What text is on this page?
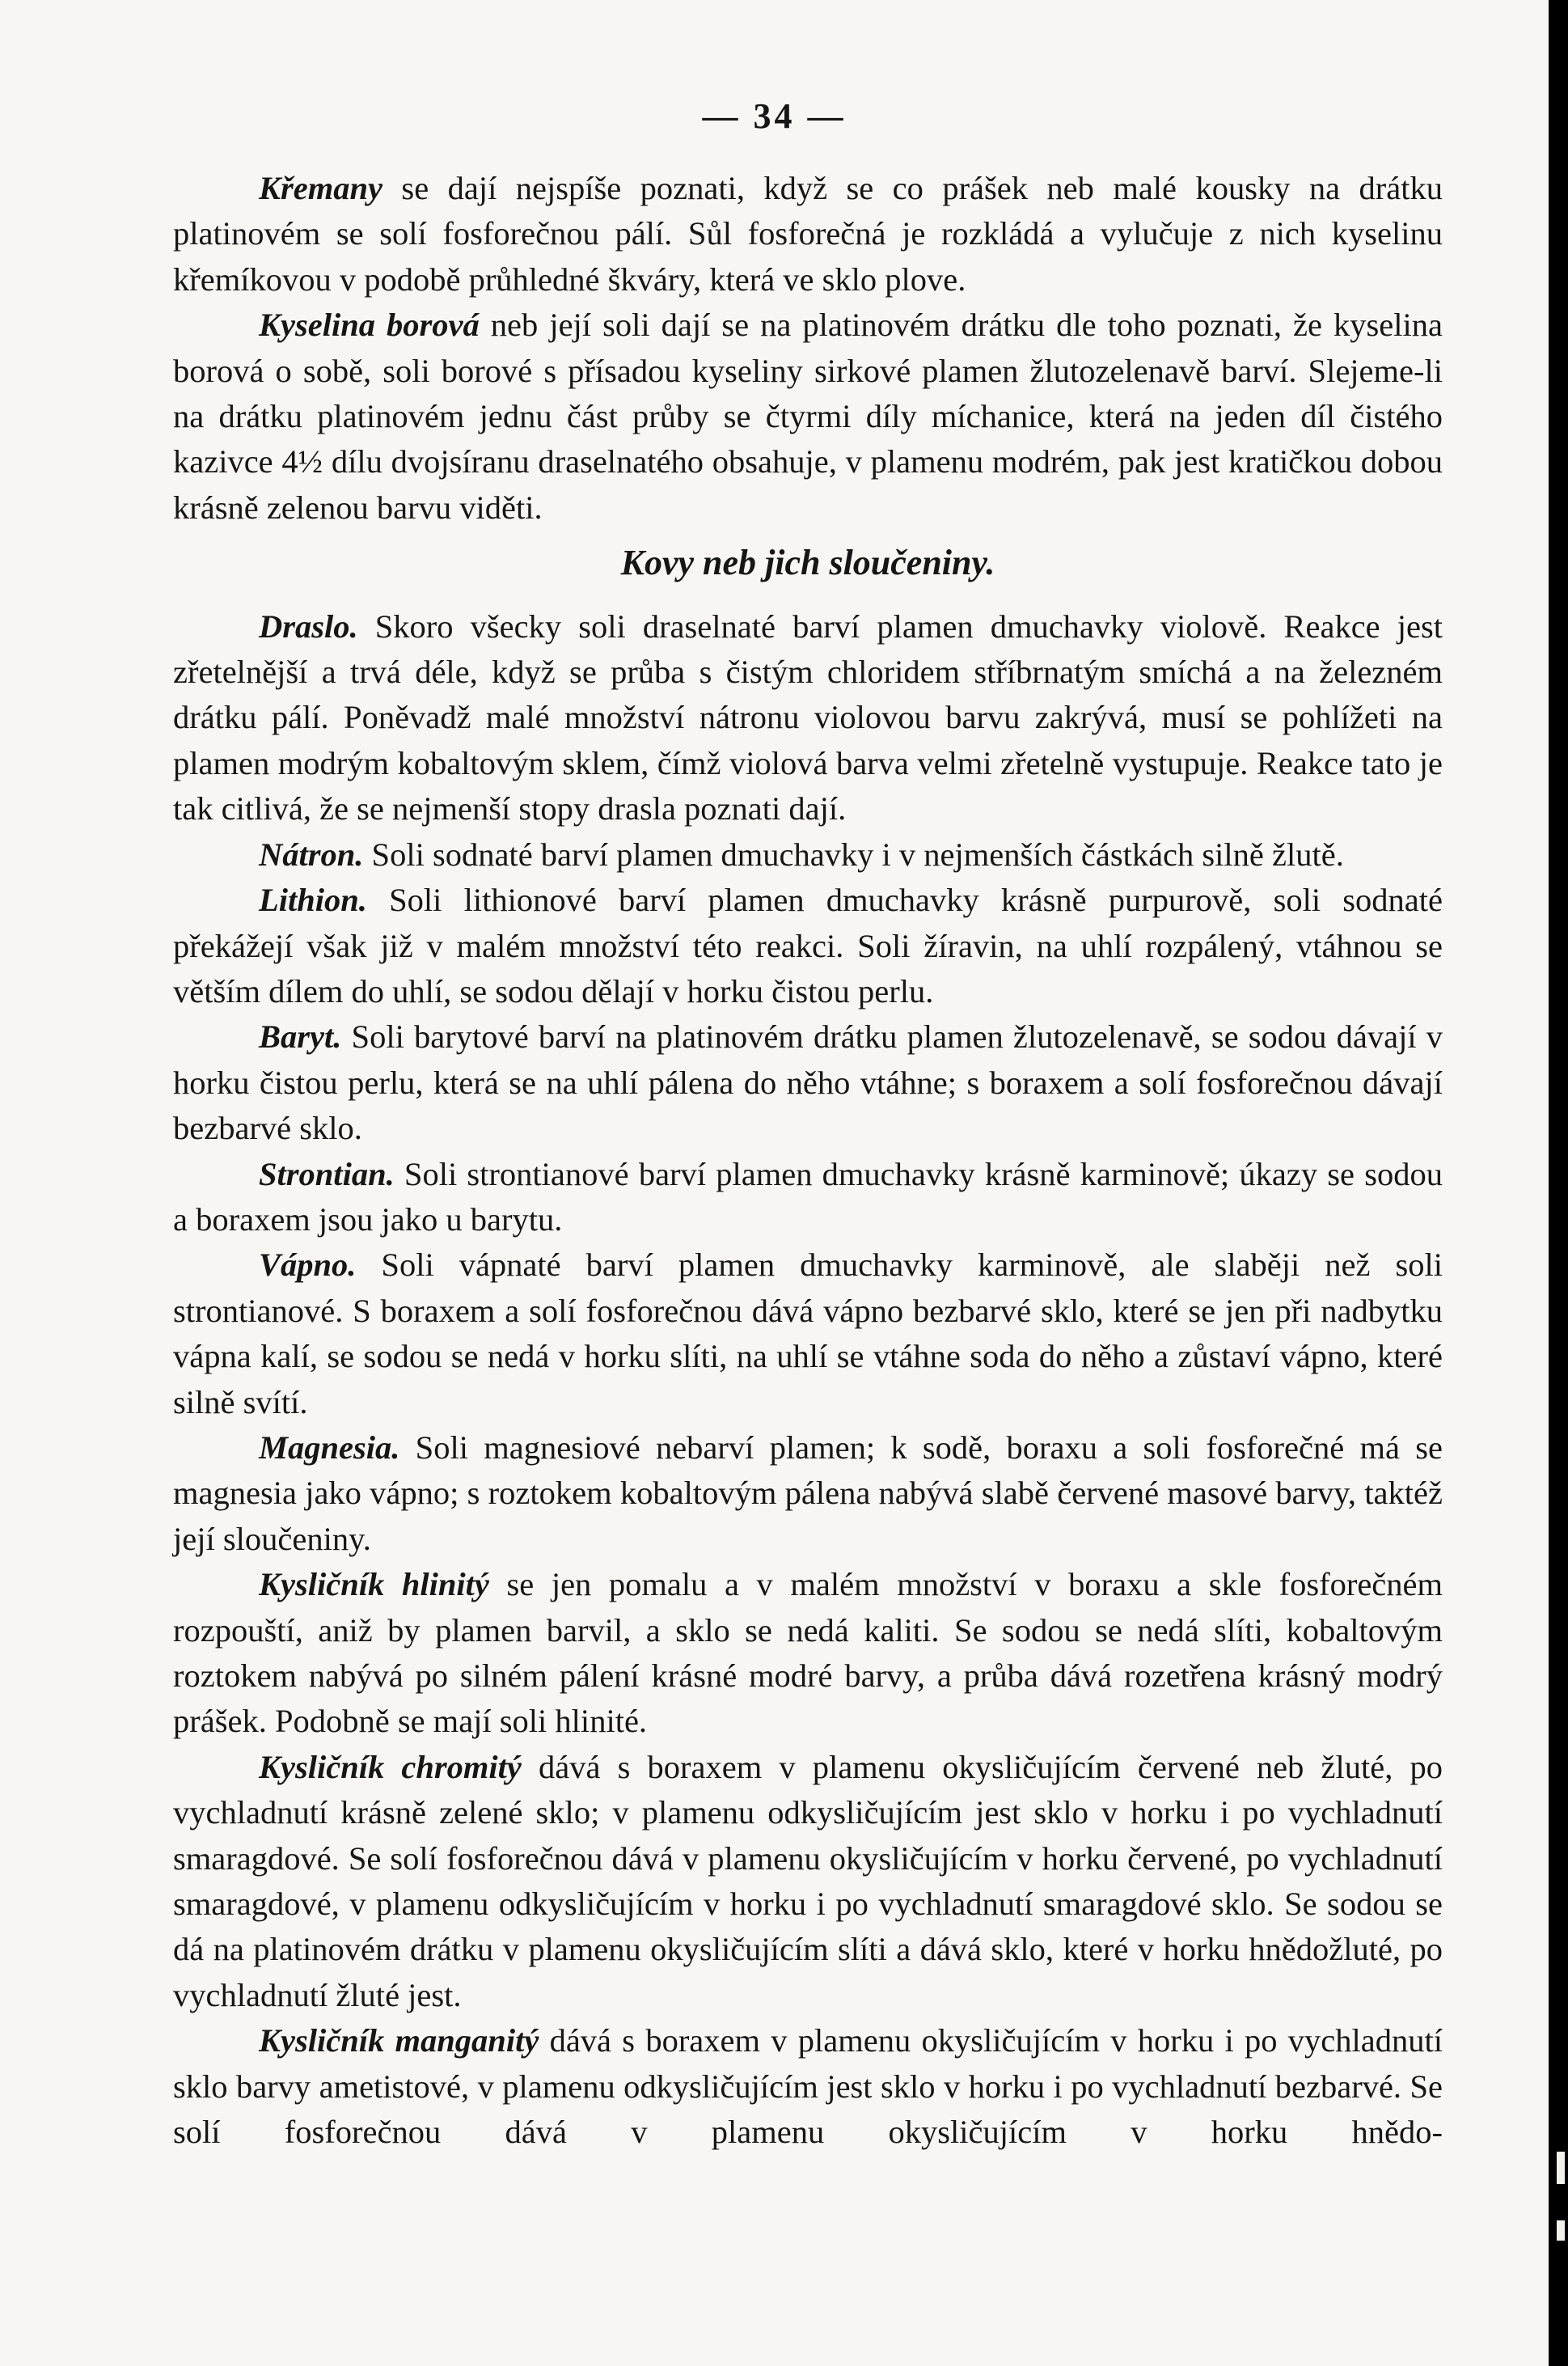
— 34 —

Křemany se dají nejspíše poznati, když se co prášek neb malé kousky na drátku platinovém se solí fosforečnou pálí. Sůl fosforečná je rozkládá a vylučuje z nich kyselinu křemíkovou v podobě průhledné škváry, která ve sklo plove.

Kyselina borová neb její soli dají se na platinovém drátku dle toho poznati, že kyselina borová o sobě, soli borové s přísadou kyseliny sirkové plamen žlutozelenavě barví. Slejeme-li na drátku platinovém jednu část průby se čtyrmi díly míchanice, která na jeden díl čistého kazivce 4½ dílu dvojsíranu draselnatého obsahuje, v plamenu modrém, pak jest kratičkou dobou krásně zelenou barvu viděti.

Kovy neb jich sloučeniny.

Draslo. Skoro všecky soli draselnaté barví plamen dmuchavky violově. Reakce jest zřetelnější a trvá déle, když se průba s čistým chloridem stříbrnatým smíchá a na železném drátku pálí. Poněvadž malé množství nátronu violovou barvu zakrývá, musí se pohlížeti na plamen modrým kobaltovým sklem, čímž violová barva velmi zřetelně vystupuje. Reakce tato je tak citlivá, že se nejmenší stopy drasla poznati dají.

Nátron. Soli sodnaté barví plamen dmuchavky i v nejmenších částkách silně žlutě.

Lithion. Soli lithionové barví plamen dmuchavky krásně purpurově, soli sodnaté překážejí však již v malém množství této reakci. Soli žíravin, na uhlí rozpálený, vtáhnou se větším dílem do uhlí, se sodou dělají v horku čistou perlu.

Baryt. Soli barytové barví na platinovém drátku plamen žlutozelenavě, se sodou dávají v horku čistou perlu, která se na uhlí pálena do něho vtáhne; s boraxem a solí fosforečnou dávají bezbarvé sklo.

Strontian. Soli strontianové barví plamen dmuchavky krásně karminově; úkazy se sodou a boraxem jsou jako u barytu.

Vápno. Soli vápnaté barví plamen dmuchavky karminově, ale slaběji než soli strontianové. S boraxem a solí fosforečnou dává vápno bezbarvé sklo, které se jen při nadbytku vápna kalí, se sodou se nedá v horku slíti, na uhlí se vtáhne soda do něho a zůstaví vápno, které silně svítí.

Magnesia. Soli magnesiové nebarví plamen; k sodě, boraxu a soli fosforečné má se magnesia jako vápno; s roztokem kobaltovým pálena nabývá slabě červené masové barvy, taktéž její sloučeniny.

Kysličník hlinitý se jen pomalu a v malém množství v boraxu a skle fosforečném rozpouští, aniž by plamen barvil, a sklo se nedá kaliti. Se sodou se nedá slíti, kobaltovým roztokem nabývá po silném pálení krásné modré barvy, a průba dává rozetřena krásný modrý prášek. Podobně se mají soli hlinité.

Kysličník chromitý dává s boraxem v plamenu okysličujícím červené neb žluté, po vychladnutí krásně zelené sklo; v plamenu odkysličujícím jest sklo v horku i po vychladnutí smaragdové. Se solí fosforečnou dává v plamenu okysličujícím v horku červené, po vychladnutí smaragdové, v plamenu odkysličujícím v horku i po vychladnutí smaragdové sklo. Se sodou se dá na platinovém drátku v plamenu okysličujícím slíti a dává sklo, které v horku hnědožluté, po vychladnutí žluté jest.

Kysličník manganitý dává s boraxem v plamenu okysličujícím v horku i po vychladnutí sklo barvy ametistové, v plamenu odkysličujícím jest sklo v horku i po vychladnutí bezbarvé. Se solí fosforečnou dává v plamenu okysličujícím v horku hnědo-
